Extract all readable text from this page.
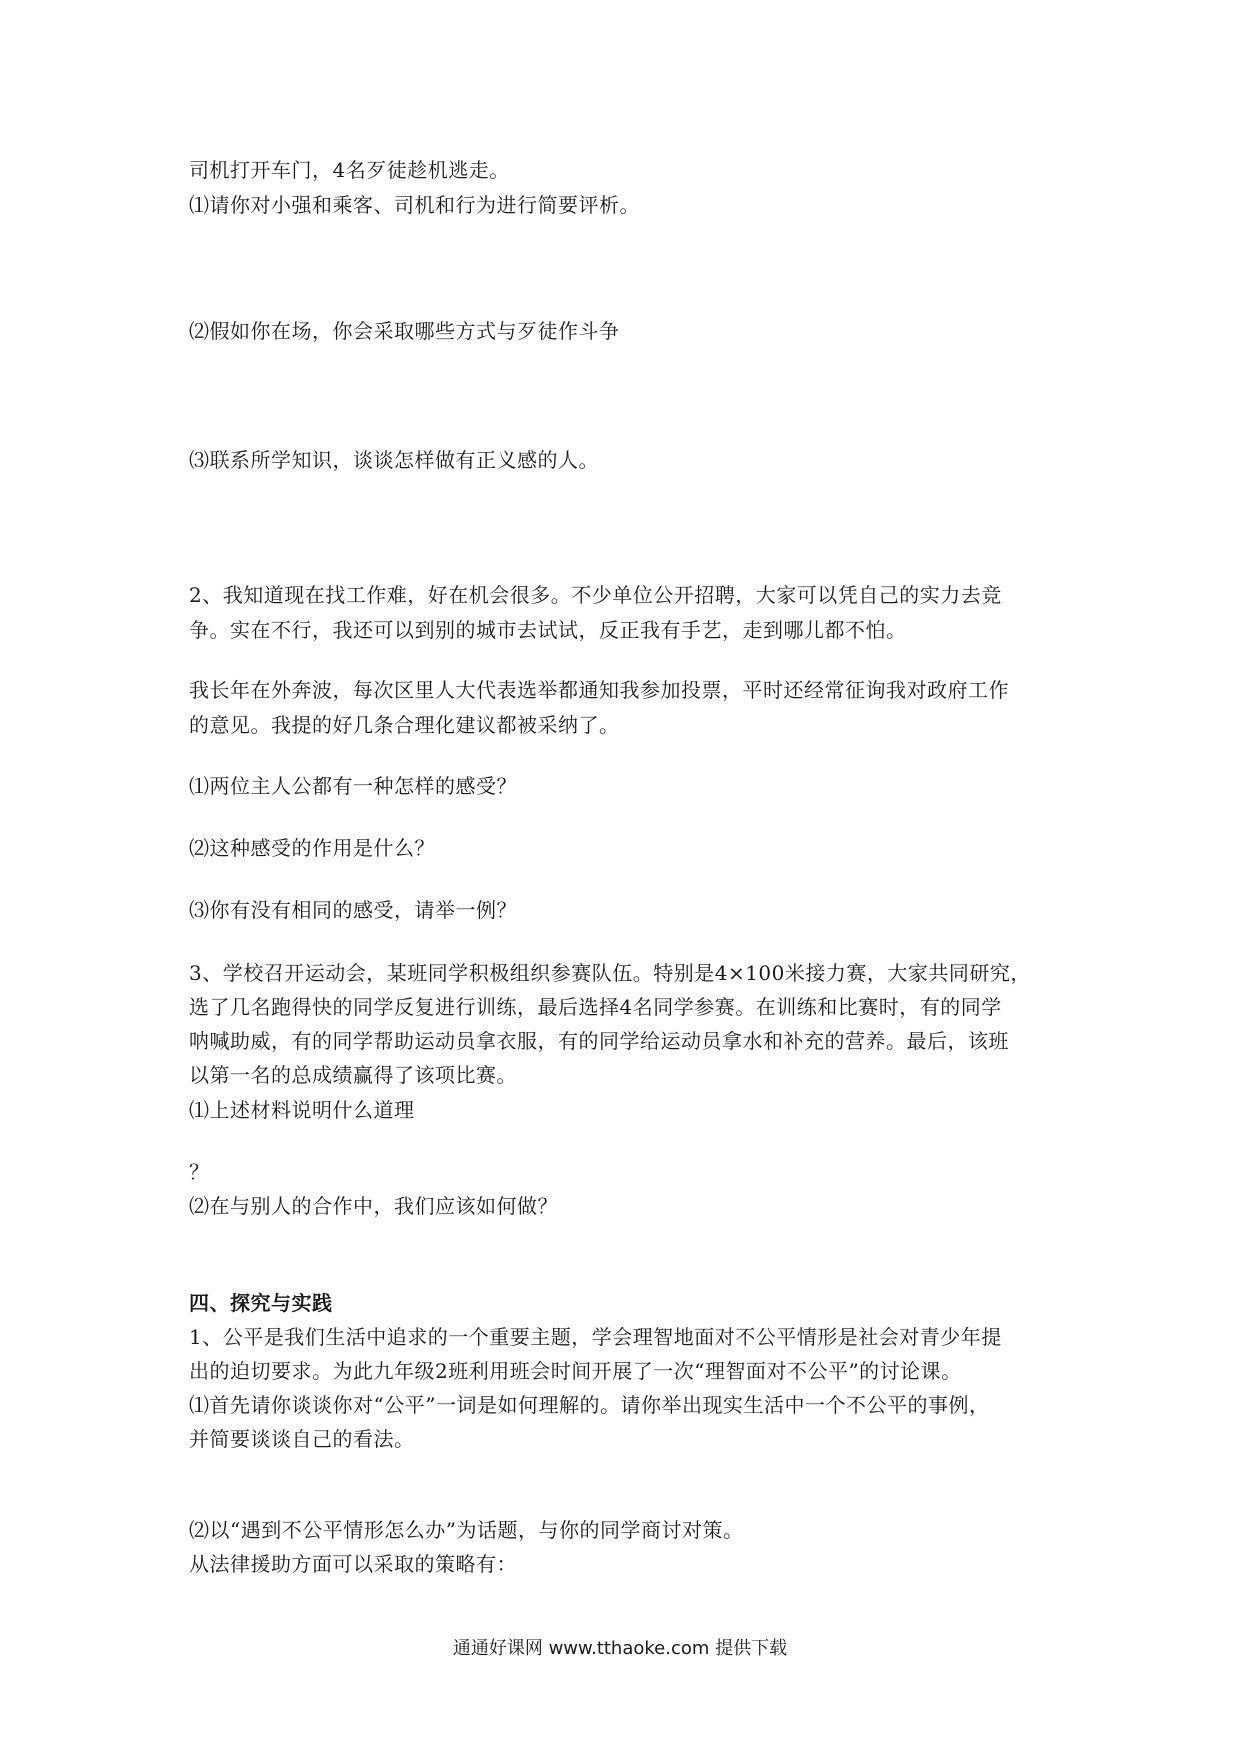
司机打开车门，4名歹徒趁机逃走。
⑴请你对小强和乘客、司机和行为进行简要评析。
⑵假如你在场，你会采取哪些方式与歹徒作斗争
⑶联系所学知识，谈谈怎样做有正义感的人。
2、我知道现在找工作难，好在机会很多。不少单位公开招聘，大家可以凭自己的实力去竞
争。实在不行，我还可以到别的城市去试试，反正我有手艺，走到哪儿都不怕。
我长年在外奔波，每次区里人大代表选举都通知我参加投票，平时还经常征询我对政府工作
的意见。我提的好几条合理化建议都被采纳了。
⑴两位主人公都有一种怎样的感受？
⑵这种感受的作用是什么？
⑶你有没有相同的感受，请举一例？
3、学校召开运动会，某班同学积极组织参赛队伍。特别是4×100米接力赛，大家共同研究，
选了几名跑得快的同学反复进行训练，最后选择4名同学参赛。在训练和比赛时，有的同学
呐喊助威，有的同学帮助运动员拿衣服，有的同学给运动员拿水和补充的营养。最后，该班
以第一名的总成绩赢得了该项比赛。
⑴上述材料说明什么道理
？
⑵在与别人的合作中，我们应该如何做？
四、探究与实践
1、公平是我们生活中追求的一个重要主题，学会理智地面对不公平情形是社会对青少年提
出的迫切要求。为此九年级2班利用班会时间开展了一次“理智面对不公平”的讨论课。
⑴首先请你谈谈你对“公平”一词是如何理解的。请你举出现实生活中一个不公平的事例，
并简要谈谈自己的看法。
⑵以“遇到不公平情形怎么办”为话题，与你的同学商讨对策。
从法律援助方面可以采取的策略有：
通通好课网 www.tthaoke.com 提供下载
